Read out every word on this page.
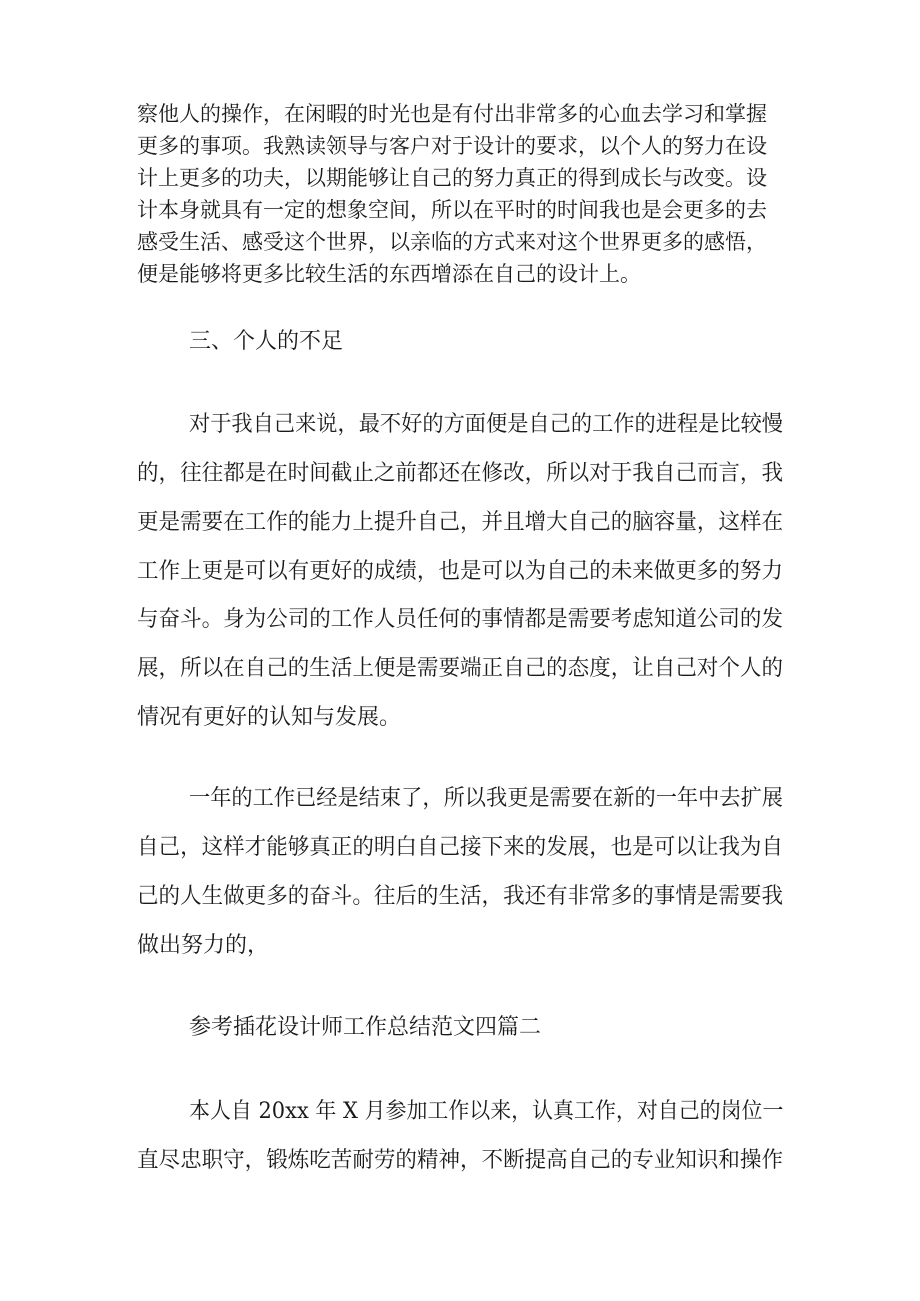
察他人的操作，在闲暇的时光也是有付出非常多的心血去学习和掌握

更多的事项。我熟读领导与客户对于设计的要求，以个人的努力在设

计上更多的功夫，以期能够让自己的努力真正的得到成长与改变。设

计本身就具有一定的想象空间，所以在平时的时间我也是会更多的去

感受生活、感受这个世界，以亲临的方式来对这个世界更多的感悟，

便是能够将更多比较生活的东西增添在自己的设计上。

三、个人的不足

对于我自己来说，最不好的方面便是自己的工作的进程是比较慢

的，往往都是在时间截止之前都还在修改，所以对于我自己而言，我

更是需要在工作的能力上提升自己，并且增大自己的脑容量，这样在

工作上更是可以有更好的成绩，也是可以为自己的未来做更多的努力

与奋斗。身为公司的工作人员任何的事情都是需要考虑知道公司的发

展，所以在自己的生活上便是需要端正自己的态度，让自己对个人的

情况有更好的认知与发展。

一年的工作已经是结束了，所以我更是需要在新的一年中去扩展

自己，这样才能够真正的明白自己接下来的发展，也是可以让我为自

己的人生做更多的奋斗。往后的生活，我还有非常多的事情是需要我

做出努力的，

参考插花设计师工作总结范文四篇二

本人自 20xx 年 X 月参加工作以来，认真工作，对自己的岗位一

直尽忠职守，锻炼吃苦耐劳的精神，不断提高自己的专业知识和操作
